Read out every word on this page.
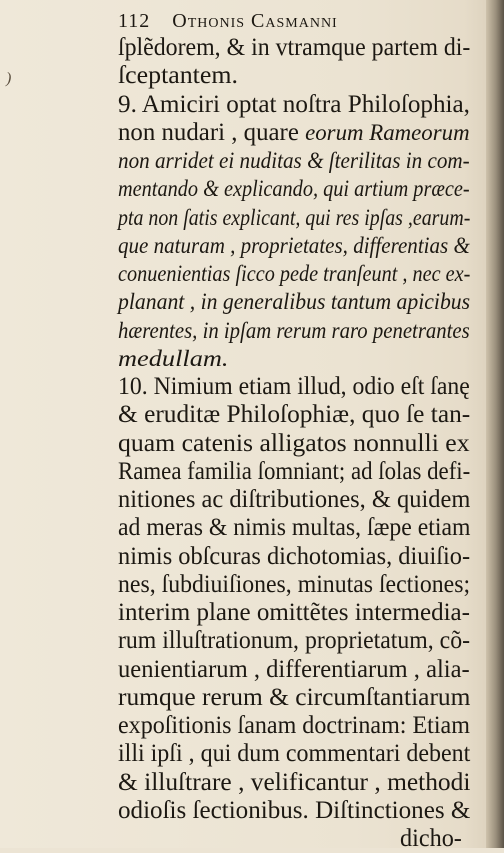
)
112 Othonis Casmanni
ſplẽdorem, & in vtramque partem di-
ſceptantem.
9. Amiciri optat noſtra Philoſophia,
non nudari , quare eorum Rameorum
non arridet ei nuditas & ſterilitas in com-
mentando & explicando, qui artium præce-
pta non ſatis explicant, qui res ipſas ,earum-
que naturam , proprietates, differentias &
conuenientias ſicco pede tranſeunt , nec ex-
planant , in generalibus tantum apicibus
hærentes, in ipſam rerum raro penetrantes
medullam.
10. Nimium etiam illud, odio eſt ſanę
& eruditæ Philoſophiæ, quo ſe tan-
quam catenis alligatos nonnulli ex
Ramea familia ſomniant; ad ſolas defi-
nitiones ac diſtributiones, & quidem
ad meras & nimis multas, ſæpe etiam
nimis obſcuras dichotomias, diuiſio-
nes, ſubdiuiſiones, minutas ſectiones;
interim plane omittẽtes intermedia-
rum illuſtrationum, proprietatum, cõ-
uenientiarum , differentiarum , alia-
rumque rerum & circumſtantiarum
expoſitionis ſanam doctrinam: Etiam
illi ipſi , qui dum commentari debent
& illuſtrare , velificantur , methodi
odioſis ſectionibus. Diſtinctiones &
dicho-
